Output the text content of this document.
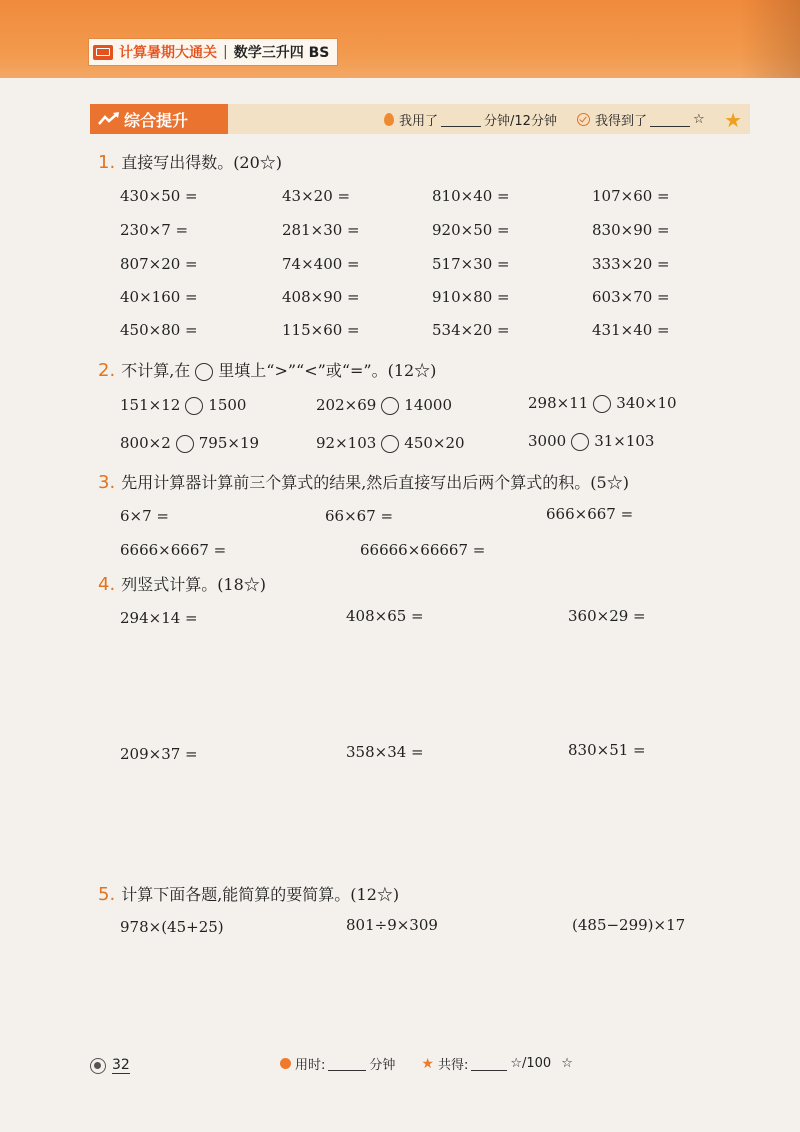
计算暑期大通关 | 数学三升四 BS
综合提升	我用了	分钟/12分钟	我得到了	☆ ★
1. 直接写出得数。(20☆)
430×50 =	43×20 =	810×40 =	107×60 =
230×7 =	281×30 =	920×50 =	830×90 =
807×20 =	74×400 =	517×30 =	333×20 =
40×160 =	408×90 =	910×80 =	603×70 =
450×80 =	115×60 =	534×20 =	431×40 =
2. 不计算,在 里填上“>”“<”或“=”。(12☆)
151×12 1500	202×69 14000	298×11 340×10
800×2 795×19	92×103 450×20	3000 31×103
3. 先用计算器计算前三个算式的结果,然后直接写出后两个算式的积。(5☆)
6×7 =	66×67 =	666×667 =
6666×6667 =	66666×66667 =
4. 列竖式计算。(18☆)
294×14 =	408×65 =	360×29 =
209×37 =	358×34 =	830×51 =
5. 计算下面各题,能简算的要简算。(12☆)
978×(45+25)	801÷9×309	(485−299)×17
用时:	分钟 ★ 共得:	☆/100 ☆
32
